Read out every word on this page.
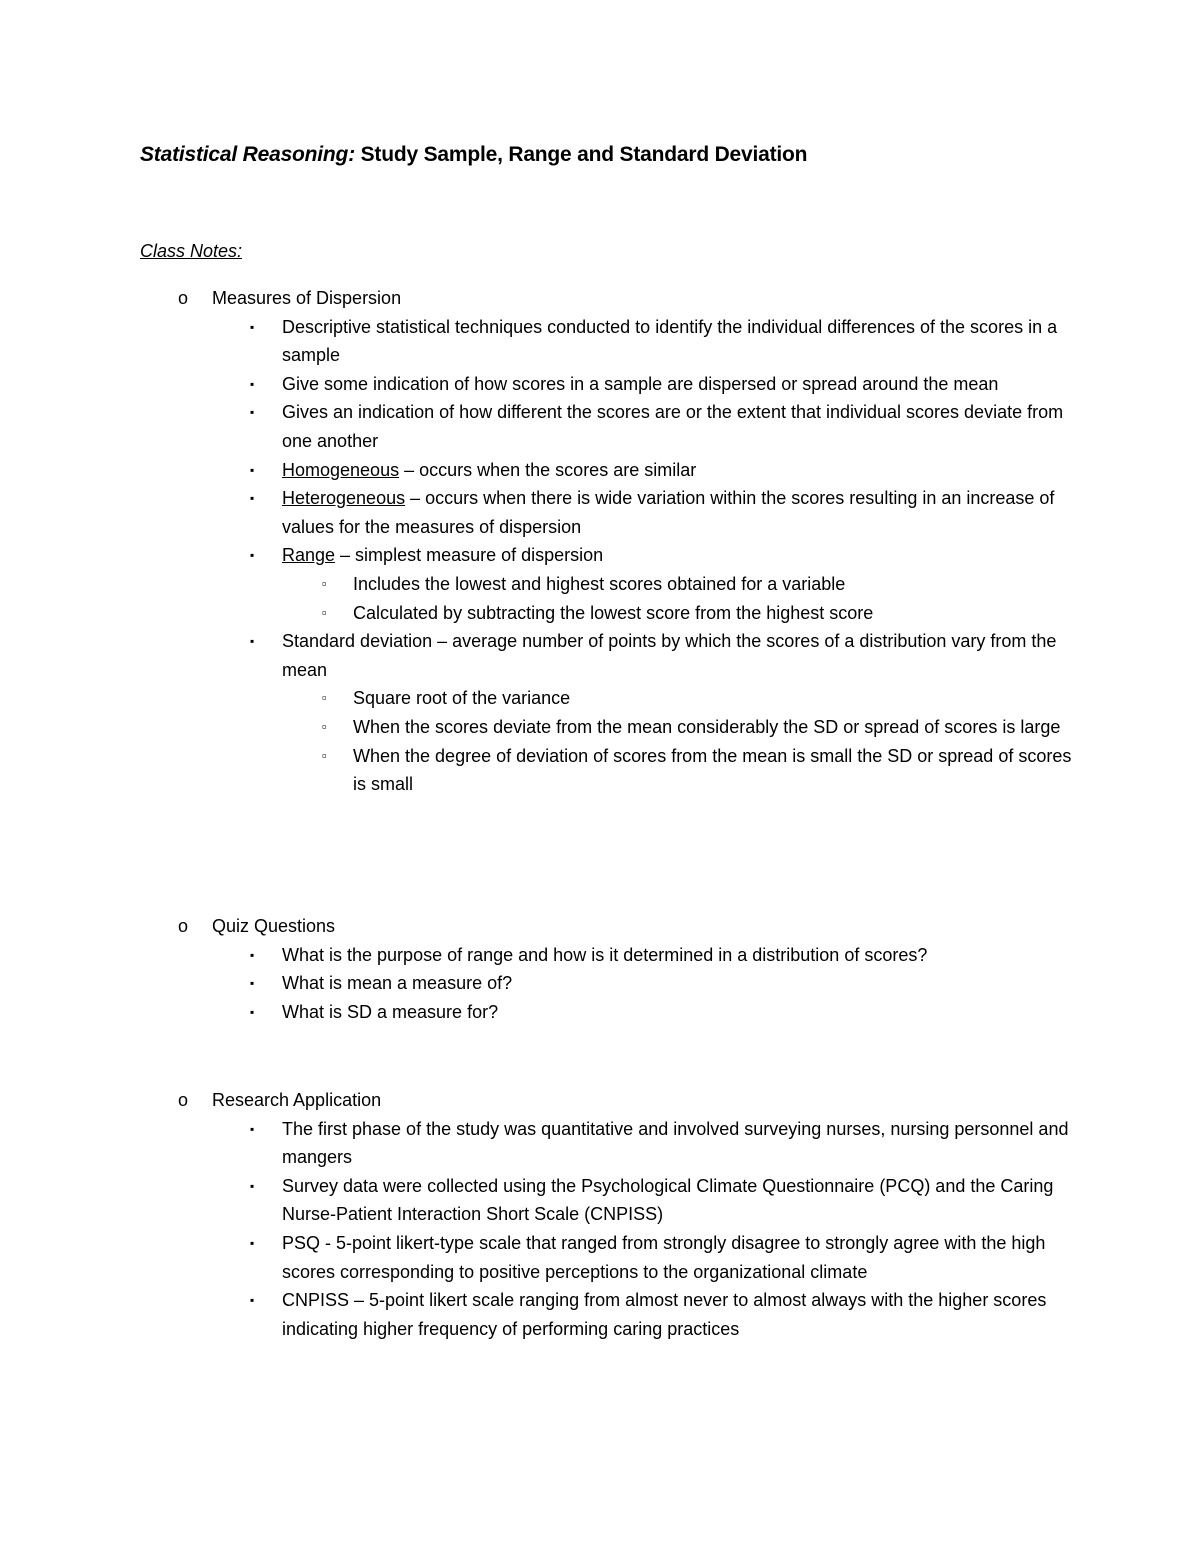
Statistical Reasoning: Study Sample, Range and Standard Deviation
Class Notes:
o Measures of Dispersion
▪ Descriptive statistical techniques conducted to identify the individual differences of the scores in a sample
▪ Give some indication of how scores in a sample are dispersed or spread around the mean
▪ Gives an indication of how different the scores are or the extent that individual scores deviate from one another
▪ Homogeneous – occurs when the scores are similar
▪ Heterogeneous – occurs when there is wide variation within the scores resulting in an increase of values for the measures of dispersion
▪ Range – simplest measure of dispersion
▫ Includes the lowest and highest scores obtained for a variable
▫ Calculated by subtracting the lowest score from the highest score
▪ Standard deviation – average number of points by which the scores of a distribution vary from the mean
▫ Square root of the variance
▫ When the scores deviate from the mean considerably the SD or spread of scores is large
▫ When the degree of deviation of scores from the mean is small the SD or spread of scores is small
o Quiz Questions
▪ What is the purpose of range and how is it determined in a distribution of scores?
▪ What is mean a measure of?
▪ What is SD a measure for?
o Research Application
▪ The first phase of the study was quantitative and involved surveying nurses, nursing personnel and mangers
▪ Survey data were collected using the Psychological Climate Questionnaire (PCQ) and the Caring Nurse-Patient Interaction Short Scale (CNPISS)
▪ PSQ - 5-point likert-type scale that ranged from strongly disagree to strongly agree with the high scores corresponding to positive perceptions to the organizational climate
▪ CNPISS – 5-point likert scale ranging from almost never to almost always with the higher scores indicating higher frequency of performing caring practices
